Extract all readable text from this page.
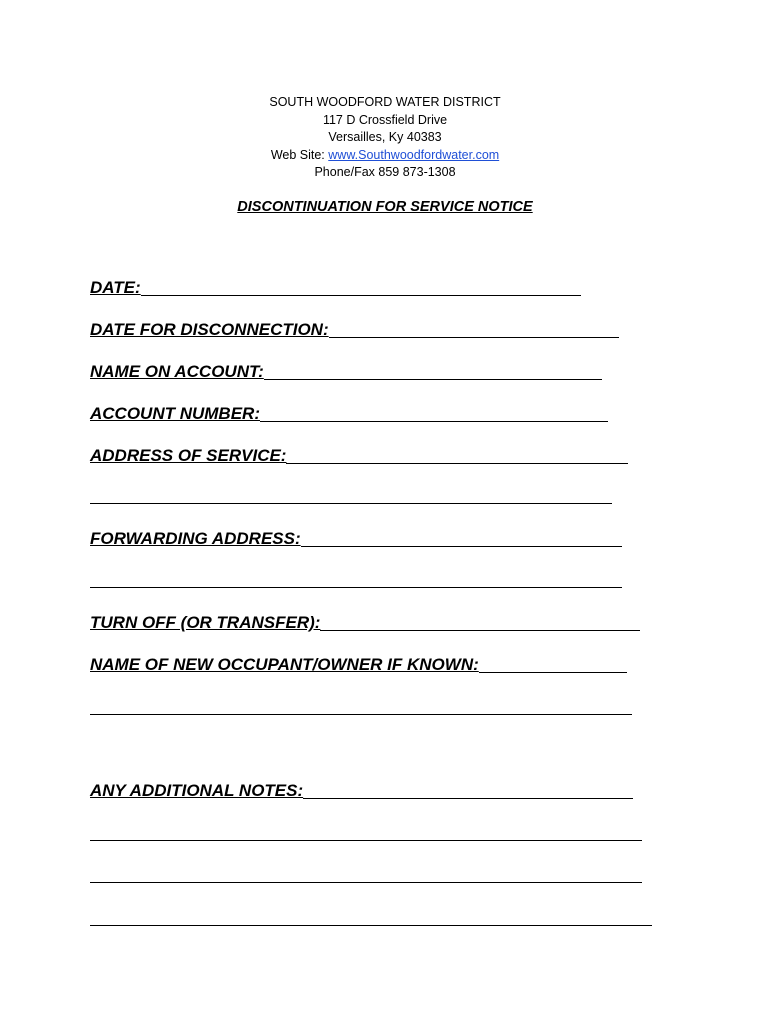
SOUTH WOODFORD WATER DISTRICT
117 D Crossfield Drive
Versailles, Ky 40383
Web Site: www.Southwoodfordwater.com
Phone/Fax 859 873-1308
DISCONTINUATION FOR SERVICE NOTICE
DATE:
DATE FOR DISCONNECTION:
NAME ON ACCOUNT:
ACCOUNT NUMBER:
ADDRESS OF SERVICE:
FORWARDING ADDRESS:
TURN OFF (OR TRANSFER):
NAME OF NEW OCCUPANT/OWNER IF KNOWN:
ANY ADDITIONAL NOTES:
